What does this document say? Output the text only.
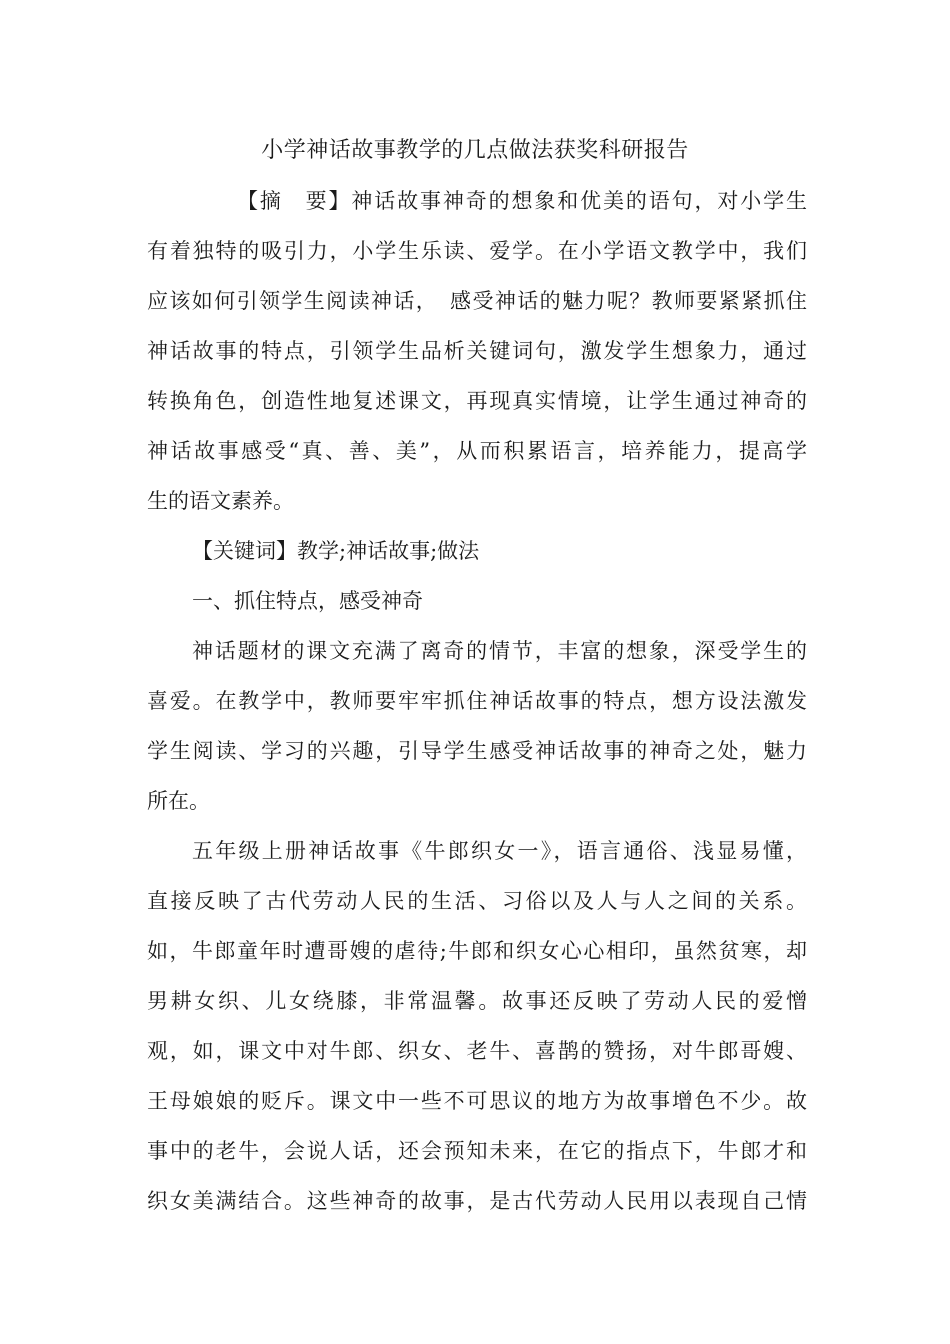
小学神话故事教学的几点做法获奖科研报告
【摘　要】神话故事神奇的想象和优美的语句，对小学生
有着独特的吸引力，小学生乐读、爱学。在小学语文教学中，我们
应该如何引领学生阅读神话，　感受神话的魅力呢？教师要紧紧抓住
神话故事的特点，引领学生品析关键词句，激发学生想象力，通过
转换角色，创造性地复述课文，再现真实情境，让学生通过神奇的
神话故事感受“真、善、美”，从而积累语言，培养能力，提高学
生的语文素养。
【关键词】教学;神话故事;做法
一、抓住特点，感受神奇
神话题材的课文充满了离奇的情节，丰富的想象，深受学生的
喜爱。在教学中，教师要牢牢抓住神话故事的特点，想方设法激发
学生阅读、学习的兴趣，引导学生感受神话故事的神奇之处，魅力
所在。
五年级上册神话故事《牛郎织女一》，语言通俗、浅显易懂，
直接反映了古代劳动人民的生活、习俗以及人与人之间的关系。
如，牛郎童年时遭哥嫂的虐待;牛郎和织女心心相印，虽然贫寒，却
男耕女织、儿女绕膝，非常温馨。故事还反映了劳动人民的爱憎
观，如，课文中对牛郎、织女、老牛、喜鹊的赞扬，对牛郎哥嫂、
王母娘娘的贬斥。课文中一些不可思议的地方为故事增色不少。故
事中的老牛，会说人话，还会预知未来，在它的指点下，牛郎才和
织女美满结合。这些神奇的故事，是古代劳动人民用以表现自己情
